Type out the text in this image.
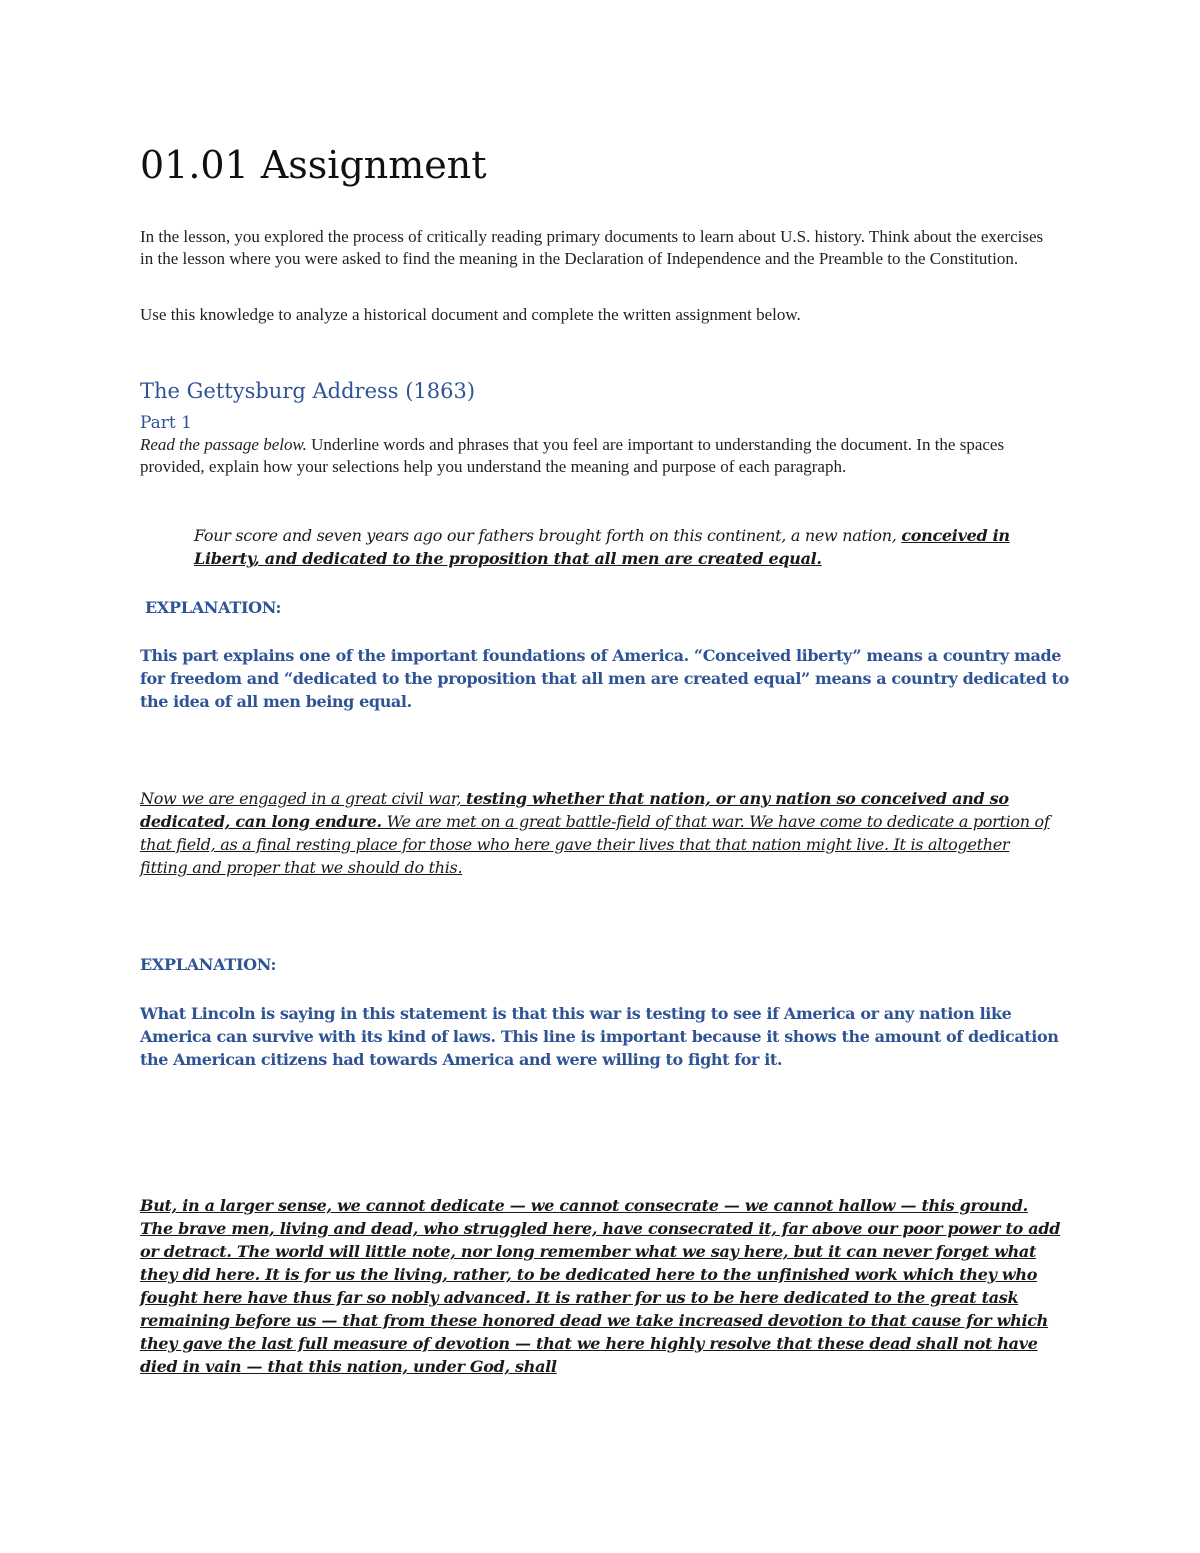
01.01 Assignment

In the lesson, you explored the process of critically reading primary documents to learn about U.S. history. Think about the exercises in the lesson where you were asked to find the meaning in the Declaration of Independence and the Preamble to the Constitution.

Use this knowledge to analyze a historical document and complete the written assignment below.

The Gettysburg Address (1863)
Part 1

Read the passage below. Underline words and phrases that you feel are important to understanding the document. In the spaces provided, explain how your selections help you understand the meaning and purpose of each paragraph.

Four score and seven years ago our fathers brought forth on this continent, a new nation, conceived in Liberty, and dedicated to the proposition that all men are created equal.

EXPLANATION:

This part explains one of the important foundations of America. “Conceived liberty” means a country made for freedom and “dedicated to the proposition that all men are created equal” means a country dedicated to the idea of all men being equal.

Now we are engaged in a great civil war, testing whether that nation, or any nation so conceived and so dedicated, can long endure. We are met on a great battle-field of that war. We have come to dedicate a portion of that field, as a final resting place for those who here gave their lives that that nation might live. It is altogether fitting and proper that we should do this.

EXPLANATION:

What Lincoln is saying in this statement is that this war is testing to see if America or any nation like America can survive with its kind of laws. This line is important because it shows the amount of dedication the American citizens had towards America and were willing to fight for it.

But, in a larger sense, we cannot dedicate — we cannot consecrate — we cannot hallow — this ground. The brave men, living and dead, who struggled here, have consecrated it, far above our poor power to add or detract. The world will little note, nor long remember what we say here, but it can never forget what they did here. It is for us the living, rather, to be dedicated here to the unfinished work which they who fought here have thus far so nobly advanced. It is rather for us to be here dedicated to the great task remaining before us — that from these honored dead we take increased devotion to that cause for which they gave the last full measure of devotion — that we here highly resolve that these dead shall not have died in vain — that this nation, under God, shall
